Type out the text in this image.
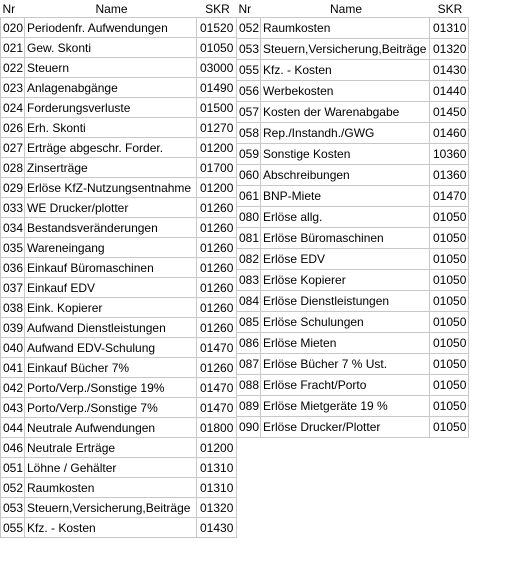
Nr	Name	SKR
020	Periodenfr. Aufwendungen	01520
021	Gew. Skonti	01050
022	Steuern	03000
023	Anlagenabgänge	01490
024	Forderungsverluste	01500
026	Erh. Skonti	01270
027	Erträge abgeschr. Forder.	01200
028	Zinserträge	01700
029	Erlöse KfZ-Nutzungsentnahme	01200
033	WE Drucker/plotter	01260
034	Bestandsveränderungen	01260
035	Wareneingang	01260
036	Einkauf Büromaschinen	01260
037	Einkauf EDV	01260
038	Eink. Kopierer	01260
039	Aufwand Dienstleistungen	01260
040	Aufwand EDV-Schulung	01470
041	Einkauf Bücher 7%	01260
042	Porto/Verp./Sonstige 19%	01470
043	Porto/Verp./Sonstige 7%	01470
044	Neutrale Aufwendungen	01800
046	Neutrale Erträge	01200
051	Löhne / Gehälter	01310
052	Raumkosten	01310
053	Steuern,Versicherung,Beiträge	01320
055	Kfz. - Kosten	01430
Nr	Name	SKR
052	Raumkosten	01310
053	Steuern,Versicherung,Beiträge	01320
055	Kfz. - Kosten	01430
056	Werbekosten	01440
057	Kosten der Warenabgabe	01450
058	Rep./Instandh./GWG	01460
059	Sonstige Kosten	10360
060	Abschreibungen	01360
061	BNP-Miete	01470
080	Erlöse allg.	01050
081	Erlöse Büromaschinen	01050
082	Erlöse EDV	01050
083	Erlöse Kopierer	01050
084	Erlöse Dienstleistungen	01050
085	Erlöse Schulungen	01050
086	Erlöse Mieten	01050
087	Erlöse Bücher 7 % Ust.	01050
088	Erlöse Fracht/Porto	01050
089	Erlöse Mietgeräte 19 %	01050
090	Erlöse Drucker/Plotter	01050
